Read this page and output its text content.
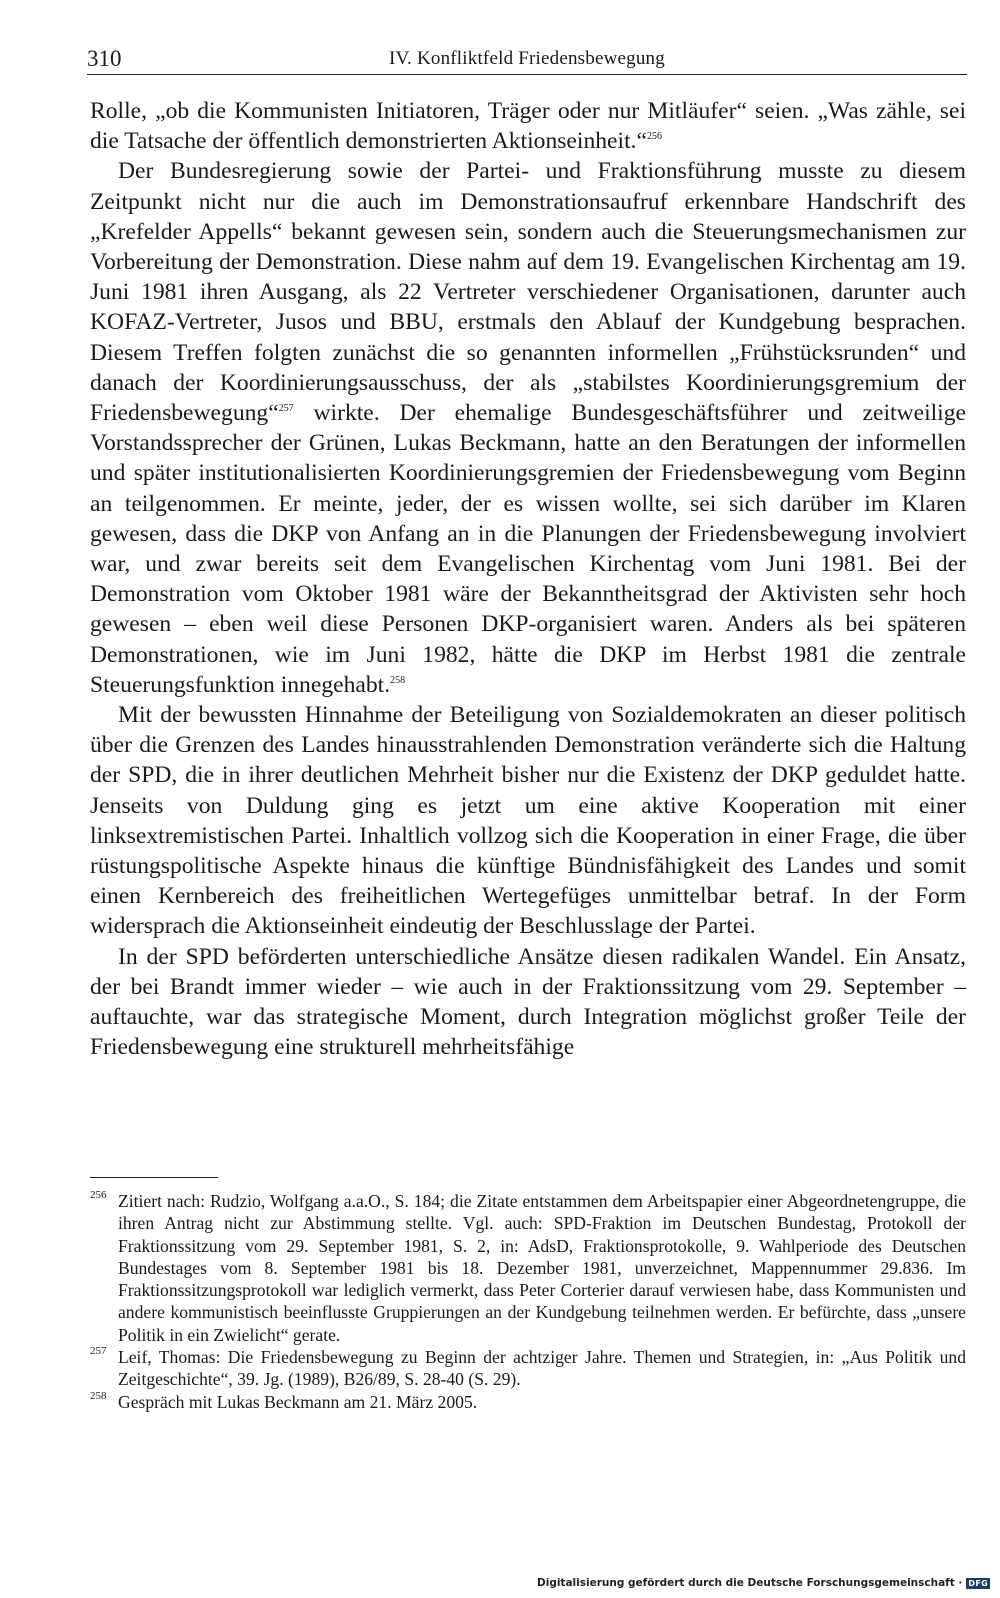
310	IV. Konfliktfeld Friedensbewegung

Rolle, „ob die Kommunisten Initiatoren, Träger oder nur Mitläufer“ seien. „Was zähle, sei die Tatsache der öffentlich demonstrierten Aktionseinheit.“$^{256}$

Der Bundesregierung sowie der Partei- und Fraktionsführung musste zu diesem Zeitpunkt nicht nur die auch im Demonstrationsaufruf erkennbare Handschrift des „Krefelder Appells“ bekannt gewesen sein, sondern auch die Steuerungsmechanismen zur Vorbereitung der Demonstration. Diese nahm auf dem 19. Evangelischen Kirchentag am 19. Juni 1981 ihren Ausgang, als 22 Vertreter verschiedener Organisationen, darunter auch KOFAZ-Vertreter, Jusos und BBU, erstmals den Ablauf der Kundgebung besprachen. Diesem Treffen folgten zunächst die so genannten informellen „Frühstücksrunden“ und danach der Koordinierungsausschuss, der als „stabilstes Koordinierungsgremium der Friedensbewegung“$^{257}$ wirkte. Der ehemalige Bundesgeschäftsführer und zeitweilige Vorstandssprecher der Grünen, Lukas Beckmann, hatte an den Beratungen der informellen und später institutionalisierten Koordinierungsgremien der Friedensbewegung vom Beginn an teilgenommen. Er meinte, jeder, der es wissen wollte, sei sich darüber im Klaren gewesen, dass die DKP von Anfang an in die Planungen der Friedensbewegung involviert war, und zwar bereits seit dem Evangelischen Kirchentag vom Juni 1981. Bei der Demonstration vom Oktober 1981 wäre der Bekanntheitsgrad der Aktivisten sehr hoch gewesen – eben weil diese Personen DKP-organisiert waren. Anders als bei späteren Demonstrationen, wie im Juni 1982, hätte die DKP im Herbst 1981 die zentrale Steuerungsfunktion innegehabt.$^{258}$

Mit der bewussten Hinnahme der Beteiligung von Sozialdemokraten an dieser politisch über die Grenzen des Landes hinausstrahlenden Demonstration veränderte sich die Haltung der SPD, die in ihrer deutlichen Mehrheit bisher nur die Existenz der DKP geduldet hatte. Jenseits von Duldung ging es jetzt um eine aktive Kooperation mit einer linksextremistischen Partei. Inhaltlich vollzog sich die Kooperation in einer Frage, die über rüstungspolitische Aspekte hinaus die künftige Bündnisfähigkeit des Landes und somit einen Kernbereich des freiheitlichen Wertegefüges unmittelbar betraf. In der Form widersprach die Aktionseinheit eindeutig der Beschlusslage der Partei.

In der SPD beförderten unterschiedliche Ansätze diesen radikalen Wandel. Ein Ansatz, der bei Brandt immer wieder – wie auch in der Fraktionssitzung vom 29. September – auftauchte, war das strategische Moment, durch Integration möglichst großer Teile der Friedensbewegung eine strukturell mehrheitsfähige

256 Zitiert nach: Rudzio, Wolfgang a.a.O., S. 184; die Zitate entstammen dem Arbeitspapier einer Abgeordnetengruppe, die ihren Antrag nicht zur Abstimmung stellte. Vgl. auch: SPD-Fraktion im Deutschen Bundestag, Protokoll der Fraktionssitzung vom 29. September 1981, S. 2, in: AdsD, Fraktionsprotokolle, 9. Wahlperiode des Deutschen Bundestages vom 8. September 1981 bis 18. Dezember 1981, unverzeichnet, Mappennummer 29.836. Im Fraktionssitzungsprotokoll war lediglich vermerkt, dass Peter Corterier darauf verwiesen habe, dass Kommunisten und andere kommunistisch beeinflusste Gruppierungen an der Kundgebung teilnehmen werden. Er befürchte, dass „unsere Politik in ein Zwielicht“ gerate.
257 Leif, Thomas: Die Friedensbewegung zu Beginn der achtziger Jahre. Themen und Strategien, in: „Aus Politik und Zeitgeschichte“, 39. Jg. (1989), B26/89, S. 28-40 (S. 29).
258 Gespräch mit Lukas Beckmann am 21. März 2005.
Digitalisierung gefördert durch die Deutsche Forschungsgemeinschaft · DFG
